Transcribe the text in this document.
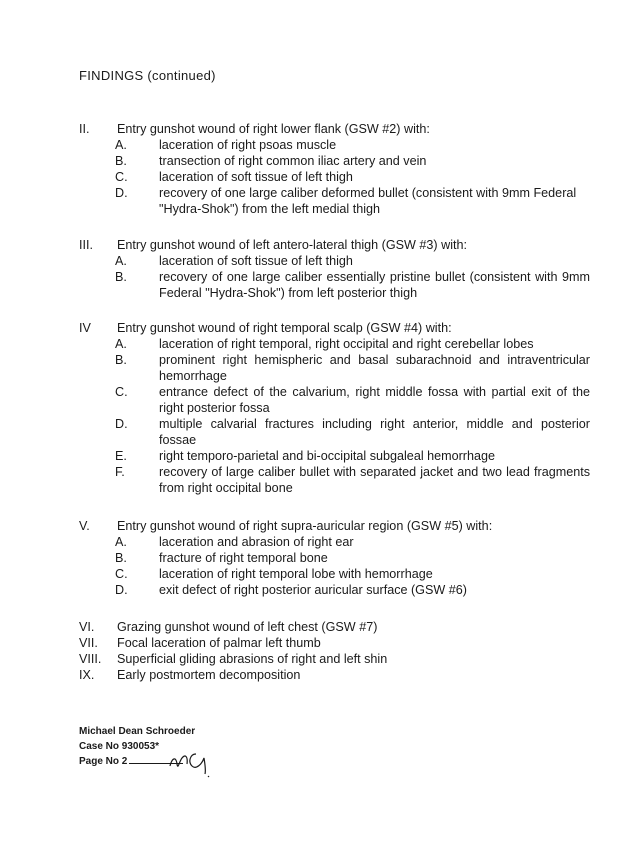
FINDINGS (continued)
II. Entry gunshot wound of right lower flank (GSW #2) with:
A.	laceration of right psoas muscle
B.	transection of right common iliac artery and vein
C. laceration of soft tissue of left thigh
D. recovery of one large caliber deformed bullet (consistent with 9mm Federal "Hydra-Shok") from the left medial thigh
III. Entry gunshot wound of left antero-lateral thigh (GSW #3) with:
A.	laceration of soft tissue of left thigh
B.	recovery of one large caliber essentially pristine bullet (consistent with 9mm Federal "Hydra-Shok") from left posterior thigh
IV Entry gunshot wound of right temporal scalp (GSW #4) with:
A.	laceration of right temporal, right occipital and right cerebellar lobes
B.	prominent right hemispheric and basal subarachnoid and intraventricular hemorrhage
C. entrance defect of the calvarium, right middle fossa with partial exit of the right posterior fossa
D. multiple calvarial fractures including right anterior, middle and posterior fossae
E.	right temporo-parietal and bi-occipital subgaleal hemorrhage
F.	recovery of large caliber bullet with separated jacket and two lead fragments from right occipital bone
V. Entry gunshot wound of right supra-auricular region (GSW #5) with:
A.	laceration and abrasion of right ear
B.	fracture of right temporal bone
C. laceration of right temporal lobe with hemorrhage
D. exit defect of right posterior auricular surface (GSW #6)
VI. Grazing gunshot wound of left chest (GSW #7)
VII. Focal laceration of palmar left thumb
VIII. Superficial gliding abrasions of right and left shin
IX. Early postmortem decomposition
Michael Dean Schroeder
Case No 930053*
Page No 2
